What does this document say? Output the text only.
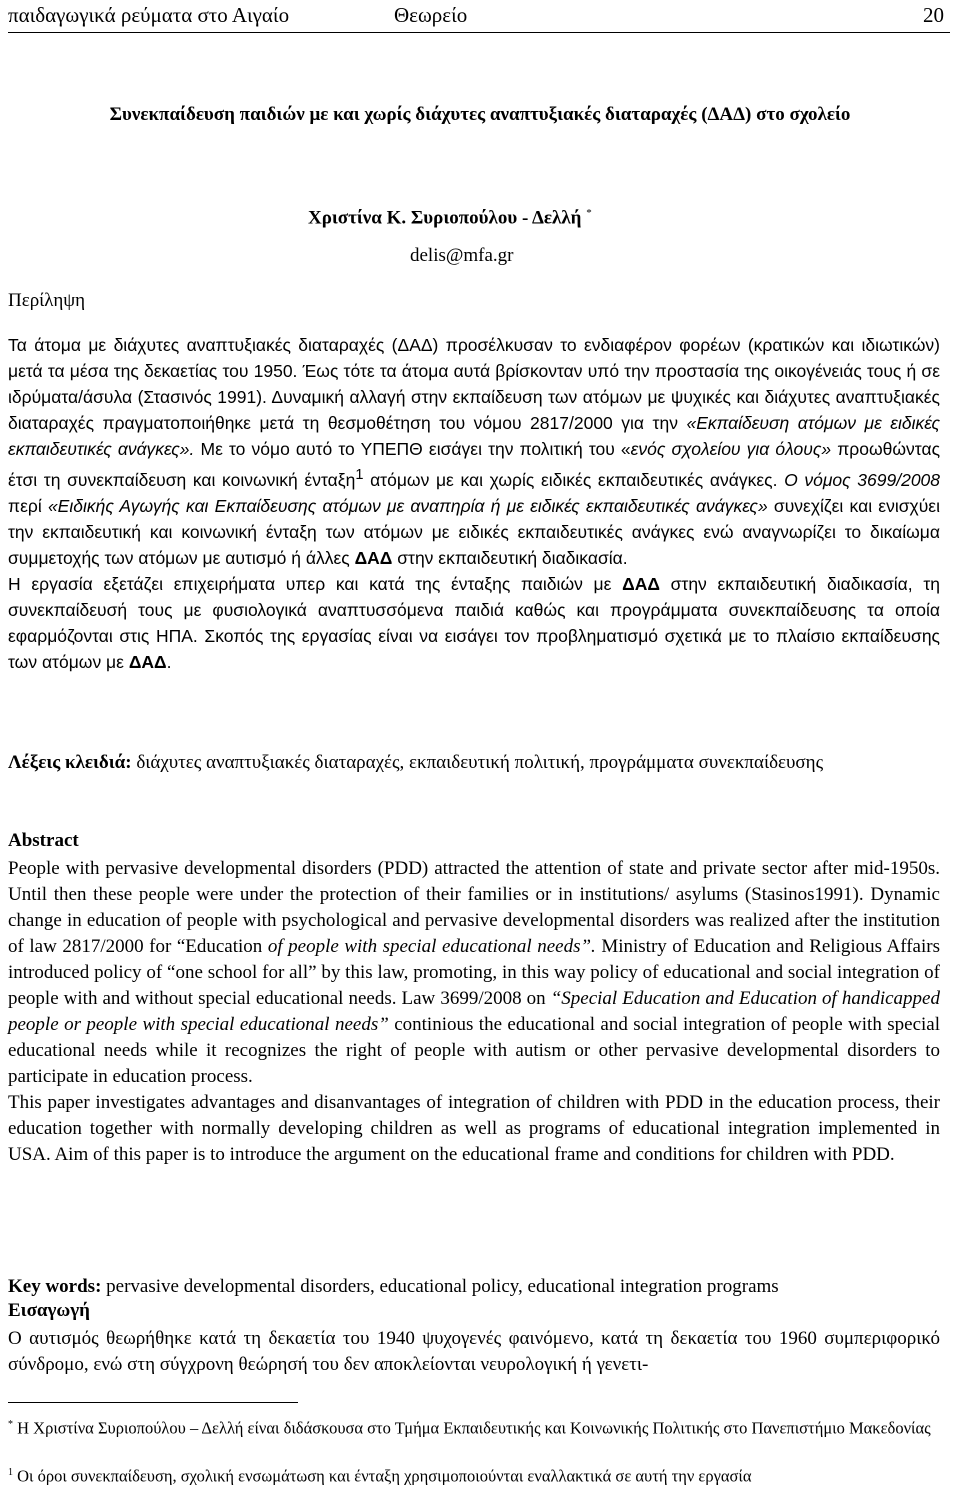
παιδαγωγικά ρεύματα στο Αιγαίο	Θεωρείο	20
Συνεκπαίδευση παιδιών με και χωρίς διάχυτες αναπτυξιακές διαταραχές (ΔΑΔ) στο σχολείο
Χριστίνα Κ. Συριοπούλου - Δελλή *
delis@mfa.gr
Περίληψη

Τα άτομα με διάχυτες αναπτυξιακές διαταραχές (ΔΑΔ) προσέλκυσαν το ενδιαφέρον φορέων (κρατικών και ιδιωτικών) μετά τα μέσα της δεκαετίας του 1950. Έως τότε τα άτομα αυτά βρίσκονταν υπό την προστασία της οικογένειάς τους ή σε ιδρύματα/άσυλα (Στασινός 1991). Δυναμική αλλαγή στην εκπαίδευση των ατόμων με ψυχικές και διάχυτες αναπτυξιακές διαταραχές πραγματοποιήθηκε μετά τη θεσμοθέτηση του νόμου 2817/2000 για την «Εκπαίδευση ατόμων με ειδικές εκπαιδευτικές ανάγκες». Με το νόμο αυτό το ΥΠΕΠΘ εισάγει την πολιτική του «ενός σχολείου για όλους» προωθώντας έτσι τη συνεκπαίδευση και κοινωνική ένταξη$^1$ ατόμων με και χωρίς ειδικές εκπαιδευτικές ανάγκες. Ο νόμος 3699/2008 περί «Ειδικής Αγωγής και Εκπαίδευσης ατόμων με αναπηρία ή με ειδικές εκπαιδευτικές ανάγκες» συνεχίζει και ενισχύει την εκπαιδευτική και κοινωνική ένταξη των ατόμων με ειδικές εκπαιδευτικές ανάγκες ενώ αναγνωρίζει το δικαίωμα συμμετοχής των ατόμων με αυτισμό ή άλλες ΔΑΔ στην εκπαιδευτική διαδικασία.

Η εργασία εξετάζει επιχειρήματα υπερ και κατά της ένταξης παιδιών με ΔΑΔ στην εκπαιδευτική διαδικασία, τη συνεκπαίδευσή τους με φυσιολογικά αναπτυσσόμενα παιδιά καθώς και προγράμματα συνεκπαίδευσης τα οποία εφαρμόζονται στις ΗΠΑ. Σκοπός της εργασίας είναι να εισάγει τον προβληματισμό σχετικά με το πλαίσιο εκπαίδευσης των ατόμων με ΔΑΔ.

Λέξεις κλειδιά: διάχυτες αναπτυξιακές διαταραχές, εκπαιδευτική πολιτική, προγράμματα συνεκπαίδευσης
Abstract

People with pervasive developmental disorders (PDD) attracted the attention of state and private sector after mid-1950s. Until then these people were under the protection of their families or in institutions/ asylums (Stasinos1991). Dynamic change in education of people with psychological and pervasive developmental disorders was realized after the institution of law 2817/2000 for “Education of people with special educational needs”. Ministry of Education and Religious Affairs introduced policy of “one school for all” by this law, promoting, in this way policy of educational and social integration of people with and without special educational needs. Law 3699/2008 on “Special Education and Education of handicapped people or people with special educational needs” continious the educational and social integration of people with special educational needs while it recognizes the right of people with autism or other pervasive developmental disorders to participate in education process.

This paper investigates advantages and disanvantages of integration of children with PDD in the education process, their education together with normally developing children as well as programs of educational integration implemented in USA. Aim of this paper is to introduce the argument on the educational frame and conditions for children with PDD.

Key words: pervasive developmental disorders, educational policy, educational integration programs
Εισαγωγή
Ο αυτισμός θεωρήθηκε κατά τη δεκαετία του 1940 ψυχογενές φαινόμενο, κατά τη δεκαετία του 1960 συμπεριφορικό σύνδρομο, ενώ στη σύγχρονη θεώρησή του δεν αποκλείονται νευρολογική ή γενετι-
* Η Χριστίνα Συριοπούλου – Δελλή είναι διδάσκουσα στο Τμήμα Εκπαιδευτικής και Κοινωνικής Πολιτικής στο Πανεπιστήμιο Μακεδονίας
$^1$ Οι όροι συνεκπαίδευση, σχολική ενσωμάτωση και ένταξη χρησιμοποιούνται εναλλακτικά σε αυτή την εργασία
